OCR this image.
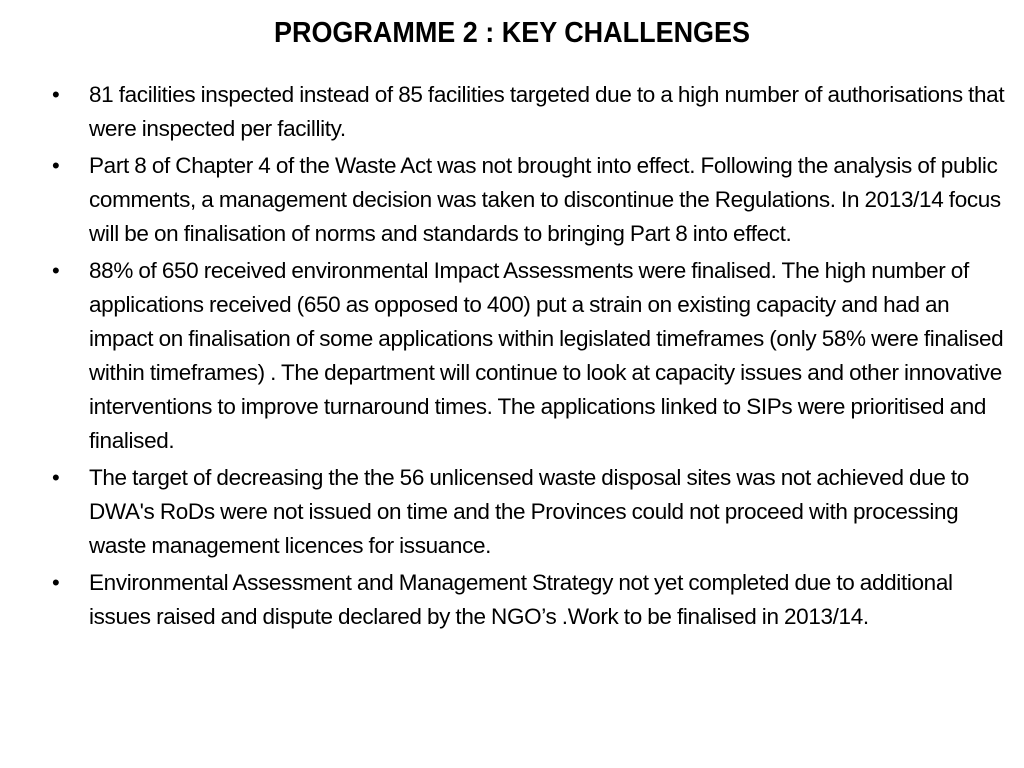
PROGRAMME 2 : KEY CHALLENGES
• 81 facilities inspected instead of 85 facilities targeted due to a high number of authorisations that were inspected per facillity.
• Part 8 of Chapter 4 of the Waste Act was not brought into effect. Following the analysis of public comments, a management decision was taken to discontinue the Regulations. In 2013/14 focus will be on finalisation of norms and standards to bringing Part 8 into effect.
• 88% of 650 received environmental Impact Assessments were finalised. The high number of applications received (650 as opposed to 400) put a strain on existing capacity and had an impact on finalisation of some applications within legislated timeframes (only 58% were finalised within timeframes) . The department will continue to look at capacity issues and other innovative interventions to improve turnaround times. The applications linked to SIPs were prioritised and finalised.
• The target of decreasing the the 56 unlicensed waste disposal sites was not achieved due to DWA's RoDs were not issued on time and the Provinces could not proceed with processing waste management licences for issuance.
• Environmental Assessment and Management Strategy not yet completed due to additional issues raised and dispute declared by the NGO’s .Work to be finalised in 2013/14.
